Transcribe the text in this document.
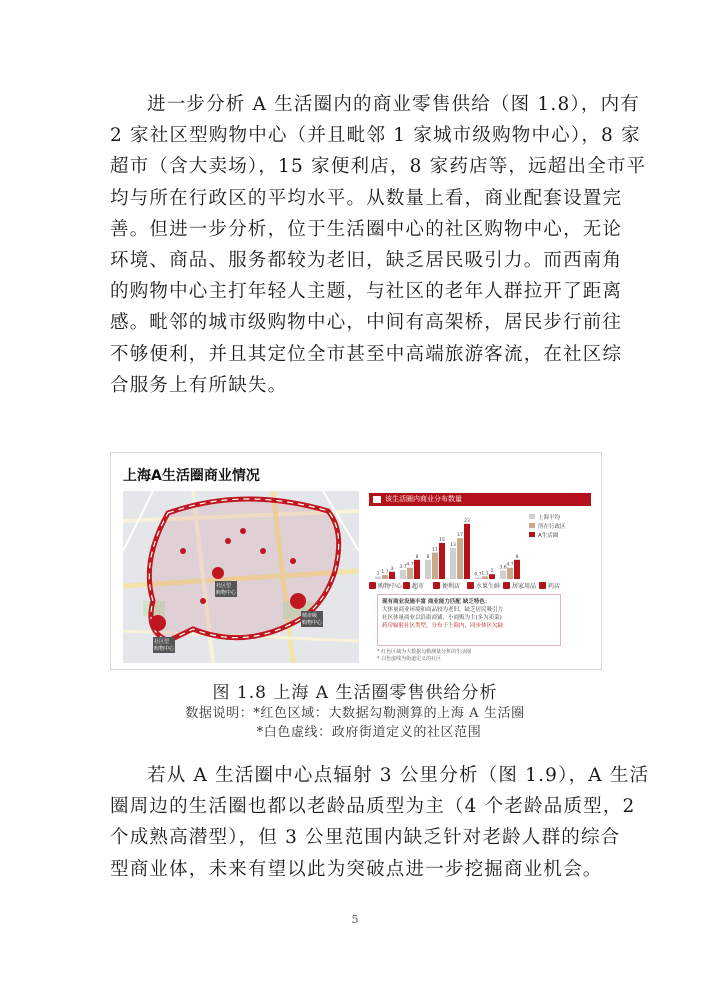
进一步分析 A 生活圈内的商业零售供给（图 1.8），内有
2 家社区型购物中心（并且毗邻 1 家城市级购物中心），8 家
超市（含大卖场），15 家便利店，8 家药店等，远超出全市平
均与所在行政区的平均水平。从数量上看，商业配套设置完
善。但进一步分析，位于生活圈中心的社区购物中心，无论
环境、商品、服务都较为老旧，缺乏居民吸引力。而西南角
的购物中心主打年轻人主题，与社区的老年人群拉开了距离
感。毗邻的城市级购物中心，中间有高架桥，居民步行前往
不够便利，并且其定位全市甚至中高端旅游客流，在社区综
合服务上有所缺失。
上海A生活圈商业情况
社区型
购物中心
城市级
购物中心
社区型
购物中心
该生活圈内商业分布数量
1
3.7
8
13
0.7
3.6
1.7
4.7
11
17
1.1
4.7
3
8
15
23
2
8
上海平均
所在行政区
A生活圈
购物中心 超市	便利店	水果生鲜 居家用品 药店
现有商业设施丰富 商业能力匹配 缺乏特色：
大体量商业环境和商品较为老旧，缺乏居民吸引力
社区体量商业以沿街商铺、小商贩为主(多为卖菜)
药房辐射社区类型，分布于上海内，同步体区欠缺
* 红色区域为大数据勾勒测量分析的生活圈
* 白色虚线为街道定义的社区

图 1.8 上海 A 生活圈零售供给分析

数据说明：*红色区域：大数据勾勒测算的上海 A 生活圈

*白色虚线：政府街道定义的社区范围

若从 A 生活圈中心点辐射 3 公里分析（图 1.9），A 生活
圈周边的生活圈也都以老龄品质型为主（4 个老龄品质型，2
个成熟高潜型），但 3 公里范围内缺乏针对老龄人群的综合
型商业体，未来有望以此为突破点进一步挖掘商业机会。
5
